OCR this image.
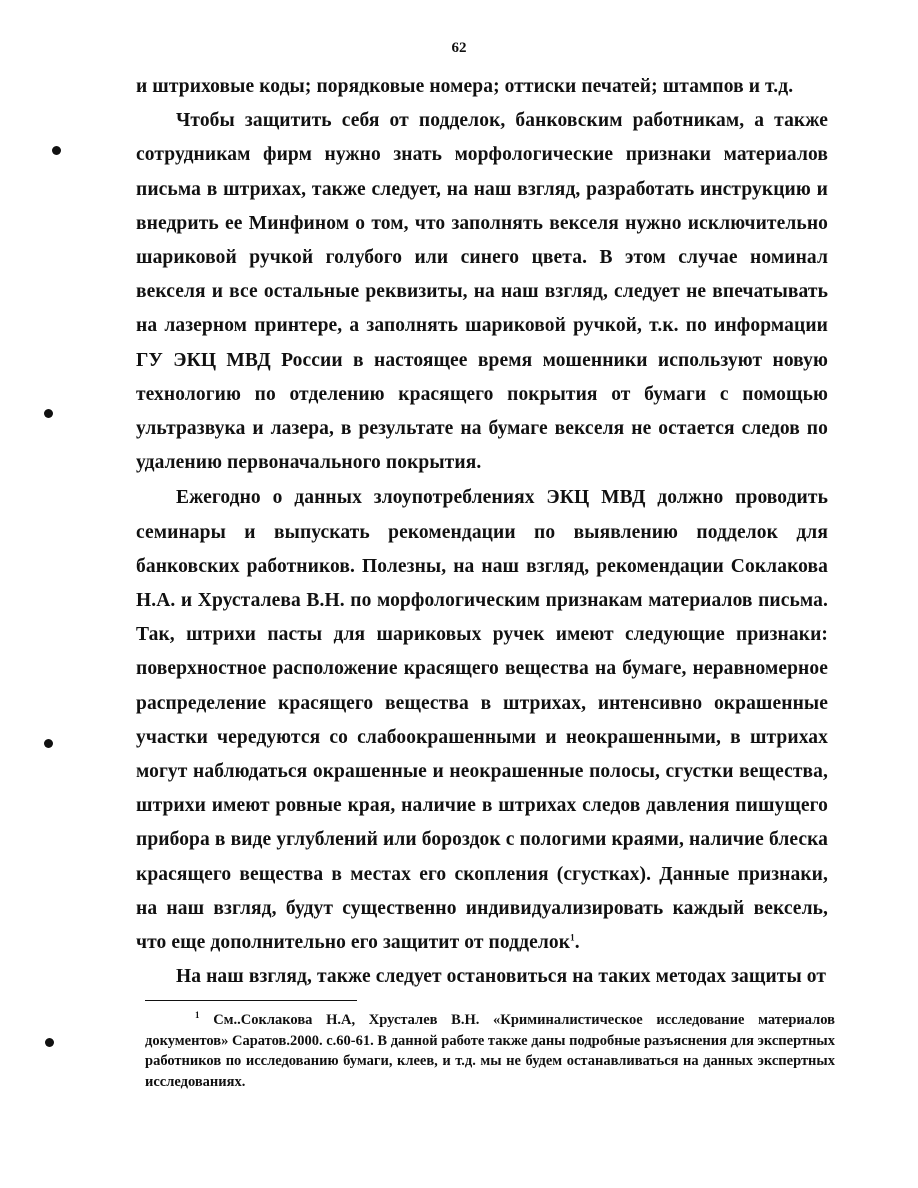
62

и штриховые коды; порядковые номера; оттиски печатей; штампов и т.д.

Чтобы защитить себя от подделок, банковским работникам, а также сотрудникам фирм нужно знать морфологические признаки материалов письма в штрихах, также следует, на наш взгляд, разработать инструкцию и внедрить ее Минфином о том, что заполнять векселя нужно исключительно шариковой ручкой голубого или синего цвета. В этом случае номинал векселя и все остальные реквизиты, на наш взгляд, следует не впечатывать на лазерном принтере, а заполнять шариковой ручкой, т.к. по информации ГУ ЭКЦ МВД России в настоящее время мошенники используют новую технологию по отделению красящего покрытия от бумаги с помощью ультразвука и лазера, в результате на бумаге векселя не остается следов по удалению первоначального покрытия.

Ежегодно о данных злоупотреблениях ЭКЦ МВД должно проводить семинары и выпускать рекомендации по выявлению подделок для банковских работников. Полезны, на наш взгляд, рекомендации Соклакова Н.А. и Хрусталева В.Н. по морфологическим признакам материалов письма. Так, штрихи пасты для шариковых ручек имеют следующие признаки: поверхностное расположение красящего вещества на бумаге, неравномерное распределение красящего вещества в штрихах, интенсивно окрашенные участки чередуются со слабоокрашенными и неокрашенными, в штрихах могут наблюдаться окрашенные и неокрашенные полосы, сгустки вещества, штрихи имеют ровные края, наличие в штрихах следов давления пишущего прибора в виде углублений или бороздок с пологими краями, наличие блеска красящего вещества в местах его скопления (сгустках). Данные признаки, на наш взгляд, будут существенно индивидуализировать каждый вексель, что еще дополнительно его защитит от подделок$^1$.

На наш взгляд, также следует остановиться на таких методах защиты от

$^1$ См..Соклакова Н.А, Хрусталев В.Н. «Криминалистическое исследование материалов документов» Саратов.2000. с.60-61. В данной работе также даны подробные разъяснения для экспертных работников по исследованию бумаги, клеев, и т.д. мы не будем останавливаться на данных экспертных исследованиях.
